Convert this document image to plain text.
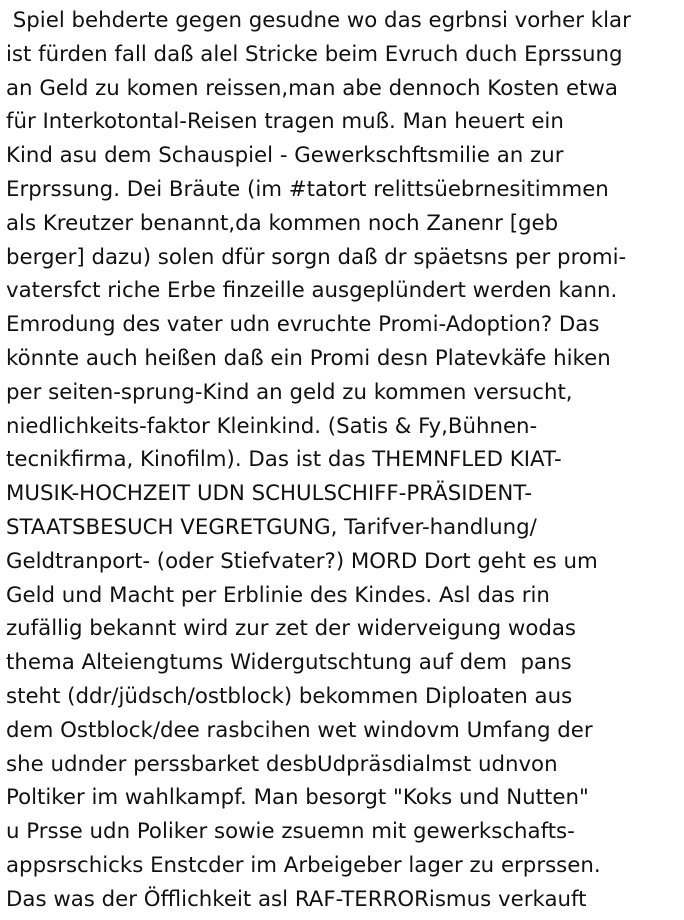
Spiel behderte gegen gesudne wo das egrbnsi vorher klar
ist fürden fall daß alel Stricke beim Evruch duch Eprssung
an Geld zu komen reissen,man abe dennoch Kosten etwa
für Interkotontal-Reisen tragen muß. Man heuert ein
Kind asu dem Schauspiel - Gewerkschftsmilie an zur
Erprssung. Dei Bräute (im #tatort relittsüebrnesitimmen
als Kreutzer benannt,da kommen noch Zanenr [geb
berger] dazu) solen dfür sorgn daß dr späetsns per promi-
vatersfct riche Erbe finzeille ausgeplündert werden kann.
Emrodung des vater udn evruchte Promi-Adoption? Das
könnte auch heißen daß ein Promi desn Platevkäfe hiken
per seiten-sprung-Kind an geld zu kommen versucht,
niedlichkeits-faktor Kleinkind. (Satis & Fy,Bühnen-
tecnikfirma, Kinofilm). Das ist das THEMNFLED KIAT-
MUSIK-HOCHZEIT UDN SCHULSCHIFF-PRÄSIDENT-
STAATSBESUCH VEGRETGUNG, Tarifver-handlung/
Geldtranport- (oder Stiefvater?) MORD Dort geht es um
Geld und Macht per Erblinie des Kindes. Asl das rin
zufällig bekannt wird zur zet der widerveigung wodas
thema Alteiengtums Widergutschtung auf dem  pans
steht (ddr/jüdsch/ostblock) bekommen Diploaten aus
dem Ostblock/dee rasbcihen wet windovm Umfang der
she udnder perssbarket desbUdpräsdialmst udnvon
Poltiker im wahlkampf. Man besorgt "Koks und Nutten"
u Prsse udn Poliker sowie zsuemn mit gewerkschafts-
appsrschicks Enstcder im Arbeigeber lager zu erprssen.
Das was der Öfflichkeit asl RAF-TERRORismus verkauft
